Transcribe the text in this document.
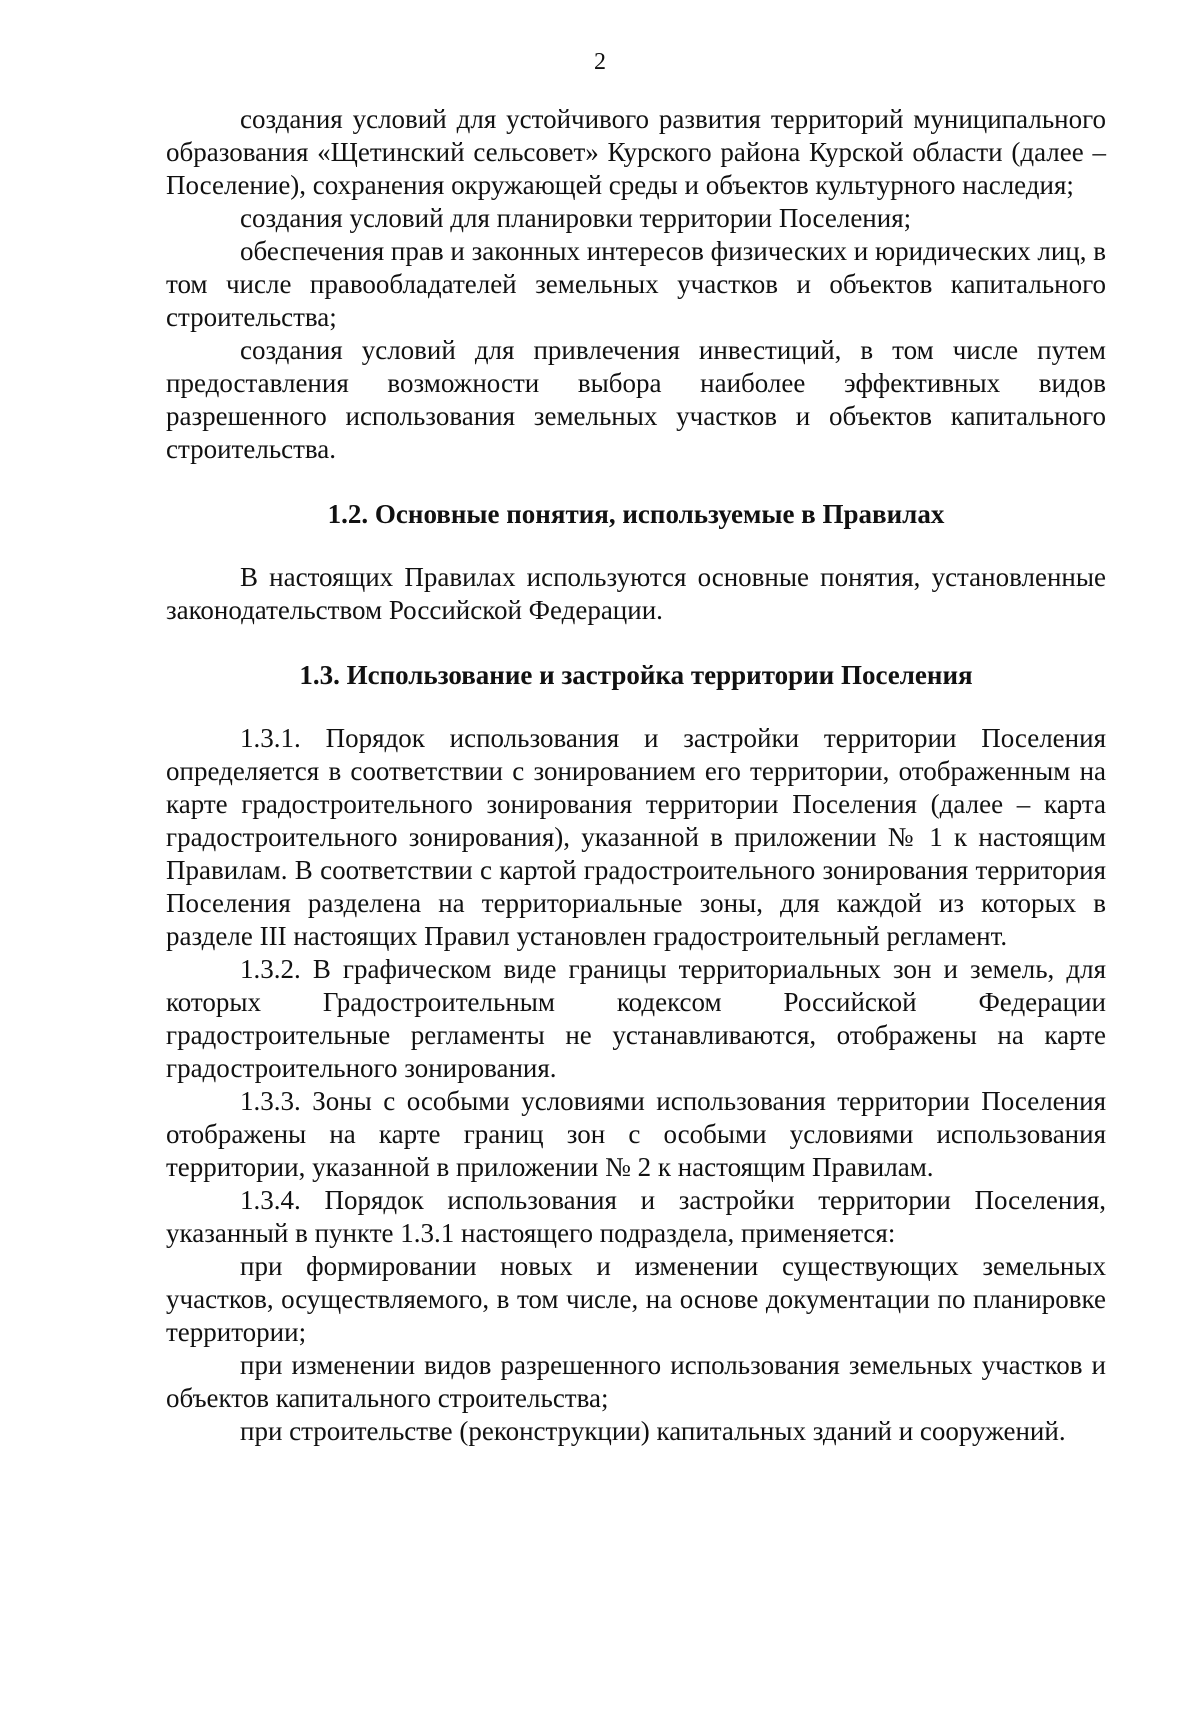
2

создания условий для устойчивого развития территорий муниципального образования «Щетинский сельсовет» Курского района Курской области (далее – Поселение), сохранения окружающей среды и объектов культурного наследия;

создания условий для планировки территории Поселения;

обеспечения прав и законных интересов физических и юридических лиц, в том числе правообладателей земельных участков и объектов капитального строительства;

создания условий для привлечения инвестиций, в том числе путем предоставления возможности выбора наиболее эффективных видов разрешенного использования земельных участков и объектов капитального строительства.

1.2. Основные понятия, используемые в Правилах

В настоящих Правилах используются основные понятия, установленные законодательством Российской Федерации.

1.3. Использование и застройка территории Поселения

1.3.1. Порядок использования и застройки территории Поселения определяется в соответствии с зонированием его территории, отображенным на карте градостроительного зонирования территории Поселения (далее – карта градостроительного зонирования), указанной в приложении № 1 к настоящим Правилам. В соответствии с картой градостроительного зонирования территория Поселения разделена на территориальные зоны, для каждой из которых в разделе III настоящих Правил установлен градостроительный регламент.

1.3.2. В графическом виде границы территориальных зон и земель, для которых Градостроительным кодексом Российской Федерации градостроительные регламенты не устанавливаются, отображены на карте градостроительного зонирования.

1.3.3. Зоны с особыми условиями использования территории Поселения отображены на карте границ зон с особыми условиями использования территории, указанной в приложении № 2 к настоящим Правилам.

1.3.4. Порядок использования и застройки территории Поселения, указанный в пункте 1.3.1 настоящего подраздела, применяется:

при формировании новых и изменении существующих земельных участков, осуществляемого, в том числе, на основе документации по планировке территории;

при изменении видов разрешенного использования земельных участков и объектов капитального строительства;

при строительстве (реконструкции) капитальных зданий и сооружений.
